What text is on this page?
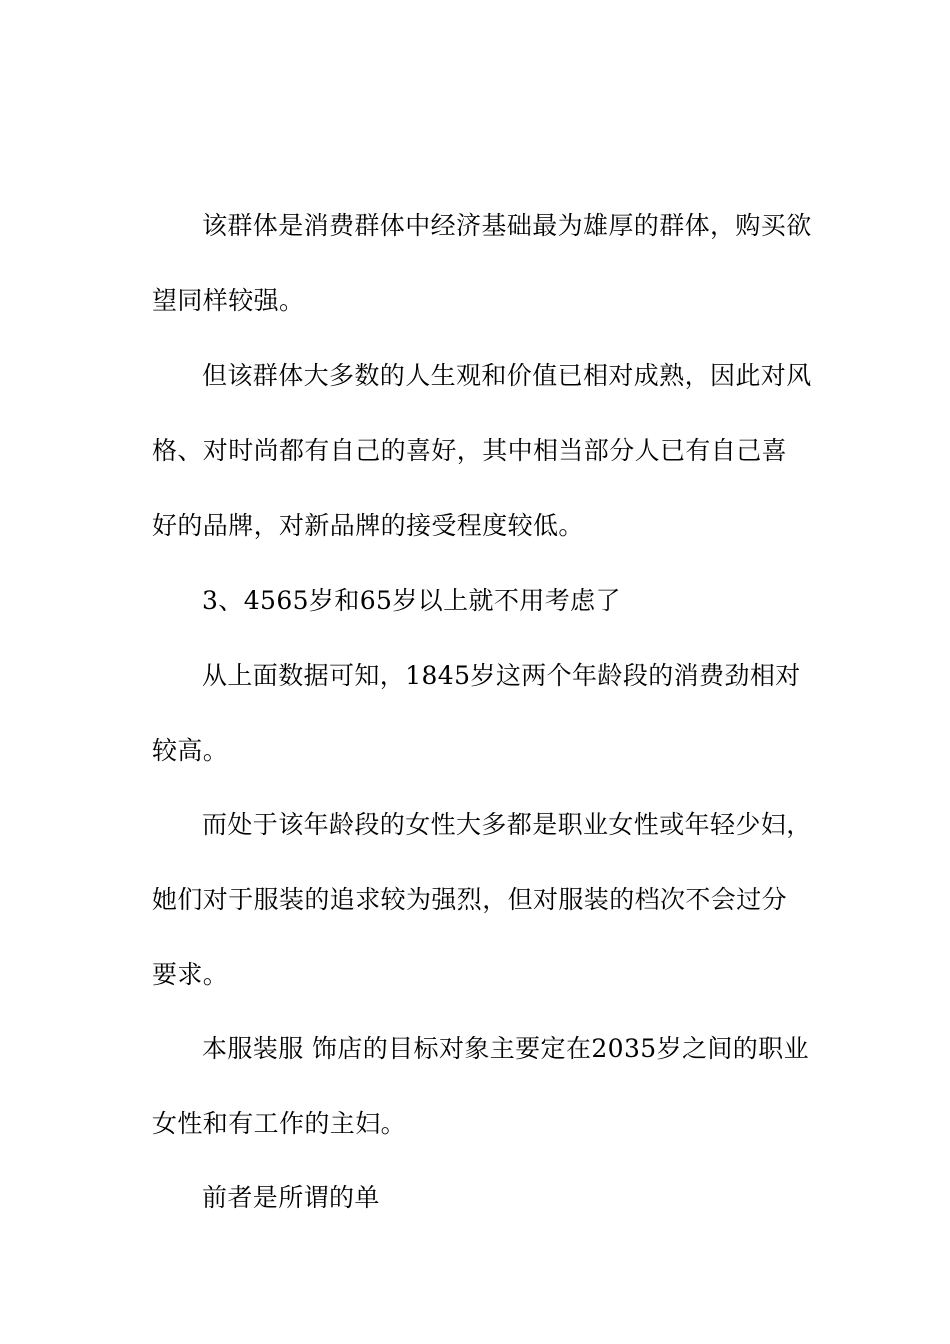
该群体是消费群体中经济基础最为雄厚的群体，购买欲望同样较强。

但该群体大多数的人生观和价值已相对成熟，因此对风格、对时尚都有自己的喜好，其中相当部分人已有自己喜好的品牌，对新品牌的接受程度较低。

3、4565岁和65岁以上就不用考虑了

从上面数据可知，1845岁这两个年龄段的消费劲相对较高。

而处于该年龄段的女性大多都是职业女性或年轻少妇，她们对于服装的追求较为强烈，但对服装的档次不会过分要求。

本服装服 饰店的目标对象主要定在2035岁之间的职业女性和有工作的主妇。

前者是所谓的单
